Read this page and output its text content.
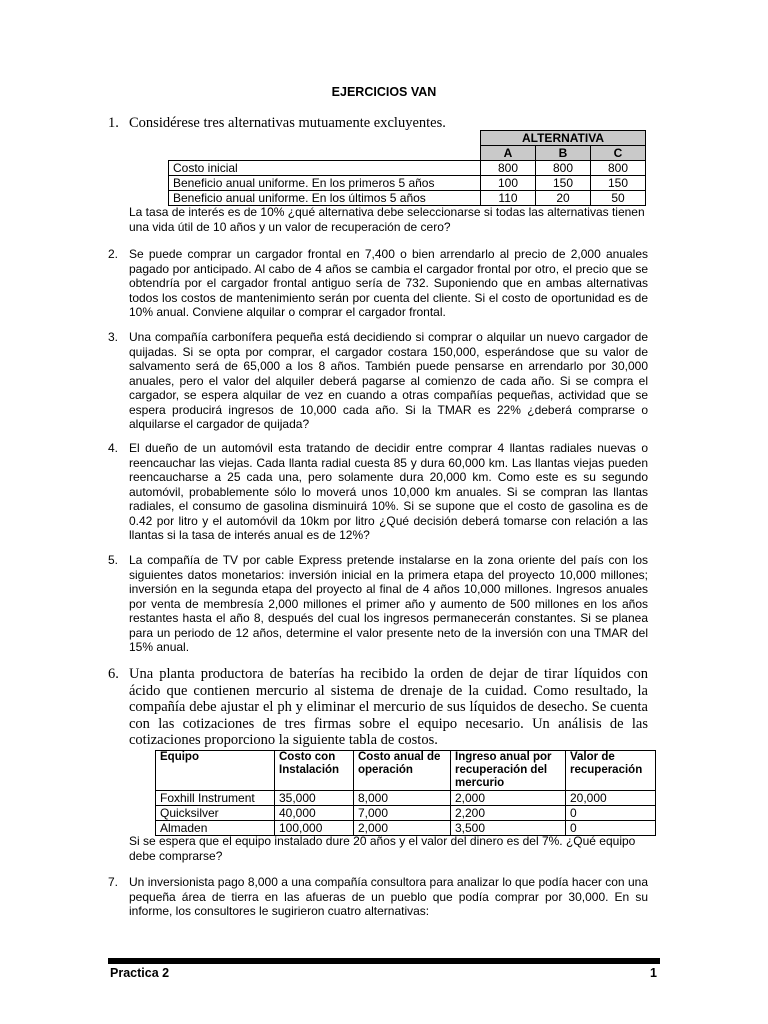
EJERCICIOS VAN
1. Considérese tres alternativas mutuamente excluyentes.
	ALTERNATIVA		
	A	B	C
Costo inicial	800	800	800
Beneficio anual uniforme. En los primeros 5 años	100	150	150
Beneficio anual uniforme. En los últimos 5 años	110	20	50
La tasa de interés es de 10% ¿qué alternativa debe seleccionarse si todas las alternativas tienen una vida útil de 10 años y un valor de recuperación de cero?
2. Se puede comprar un cargador frontal en 7,400 o bien arrendarlo al precio de 2,000 anuales pagado por anticipado. Al cabo de 4 años se cambia el cargador frontal por otro, el precio que se obtendría por el cargador frontal antiguo sería de 732. Suponiendo que en ambas alternativas todos los costos de mantenimiento serán por cuenta del cliente. Si el costo de oportunidad es de 10% anual. Conviene alquilar o comprar el cargador frontal.
3. Una compañía carbonífera pequeña está decidiendo si comprar o alquilar un nuevo cargador de quijadas. Si se opta por comprar, el cargador costara 150,000, esperándose que su valor de salvamento será de 65,000 a los 8 años. También puede pensarse en arrendarlo por 30,000 anuales, pero el valor del alquiler deberá pagarse al comienzo de cada año. Si se compra el cargador, se espera alquilar de vez en cuando a otras compañías pequeñas, actividad que se espera producirá ingresos de 10,000 cada año. Si la TMAR es 22% ¿deberá comprarse o alquilarse el cargador de quijada?
4. El dueño de un automóvil esta tratando de decidir entre comprar 4 llantas radiales nuevas o reencauchar las viejas. Cada llanta radial cuesta 85 y dura 60,000 km. Las llantas viejas pueden reencaucharse a 25 cada una, pero solamente dura 20,000 km. Como este es su segundo automóvil, probablemente sólo lo moverá unos 10,000 km anuales. Si se compran las llantas radiales, el consumo de gasolina disminuirá 10%. Si se supone que el costo de gasolina es de 0.42 por litro y el automóvil da 10km por litro ¿Qué decisión deberá tomarse con relación a las llantas si la tasa de interés anual es de 12%?
5. La compañía de TV por cable Express pretende instalarse en la zona oriente del país con los siguientes datos monetarios: inversión inicial en la primera etapa del proyecto 10,000 millones; inversión en la segunda etapa del proyecto al final de 4 años 10,000 millones. Ingresos anuales por venta de membresía 2,000 millones el primer año y aumento de 500 millones en los años restantes hasta el año 8, después del cual los ingresos permanecerán constantes. Si se planea para un periodo de 12 años, determine el valor presente neto de la inversión con una TMAR del 15% anual.
6. Una planta productora de baterías ha recibido la orden de dejar de tirar líquidos con ácido que contienen mercurio al sistema de drenaje de la cuidad. Como resultado, la compañía debe ajustar el ph y eliminar el mercurio de sus líquidos de desecho. Se cuenta con las cotizaciones de tres firmas sobre el equipo necesario. Un análisis de las cotizaciones proporciono la siguiente tabla de costos.
Equipo	Costo con Instalación	Costo anual de operación	Ingreso anual por recuperación del mercurio	Valor de recuperación
Foxhill Instrument	35,000	8,000	2,000	20,000
Quicksilver	40,000	7,000	2,200	0
Almaden	100,000	2,000	3,500	0
Si se espera que el equipo instalado dure 20 años y el valor del dinero es del 7%. ¿Qué equipo debe comprarse?
7. Un inversionista pago 8,000 a una compañía consultora para analizar lo que podía hacer con una pequeña área de tierra en las afueras de un pueblo que podía comprar por 30,000. En su informe, los consultores le sugirieron cuatro alternativas:
Practica 2	1
